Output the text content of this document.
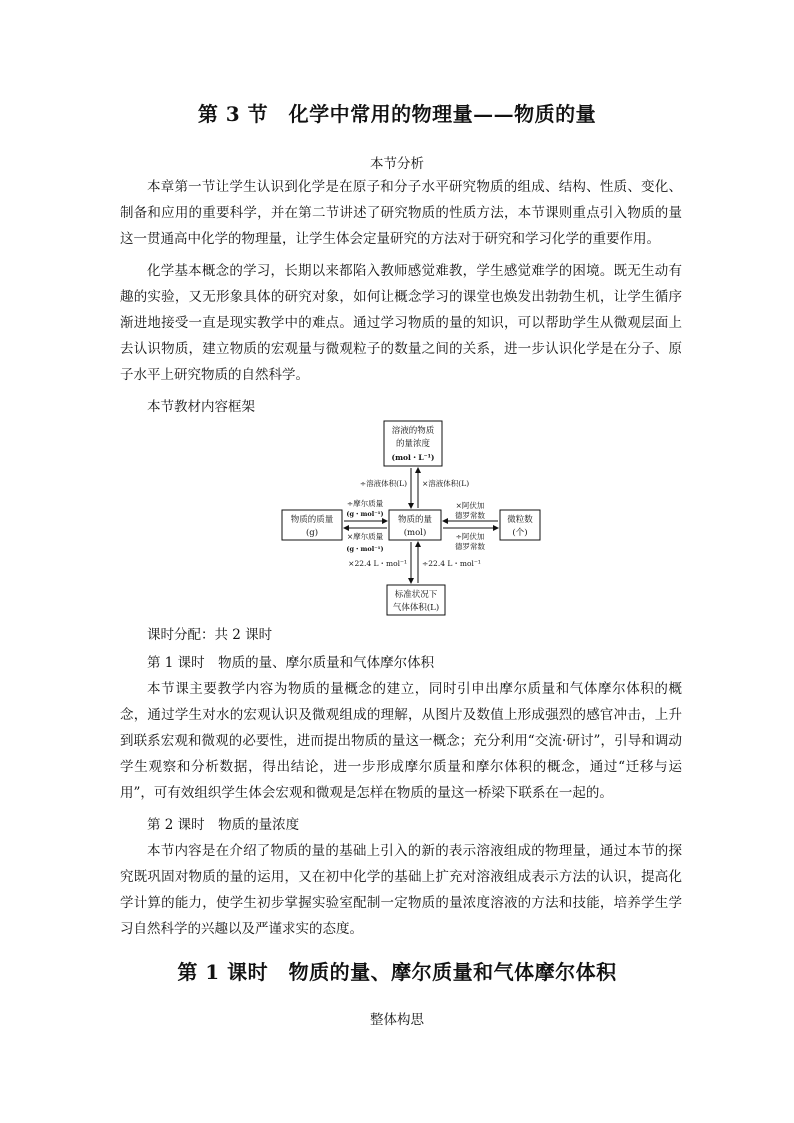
第 3 节　化学中常用的物理量——物质的量
本节分析

本章第一节让学生认识到化学是在原子和分子水平研究物质的组成、结构、性质、变化、制备和应用的重要科学，并在第二节讲述了研究物质的性质方法，本节课则重点引入物质的量这一贯通高中化学的物理量，让学生体会定量研究的方法对于研究和学习化学的重要作用。

化学基本概念的学习，长期以来都陷入教师感觉难教，学生感觉难学的困境。既无生动有趣的实验，又无形象具体的研究对象，如何让概念学习的课堂也焕发出勃勃生机，让学生循序渐进地接受一直是现实教学中的难点。通过学习物质的量的知识，可以帮助学生从微观层面上去认识物质，建立物质的宏观量与微观粒子的数量之间的关系，进一步认识化学是在分子、原子水平上研究物质的自然科学。

本节教材内容框架
溶液的物质
的量浓度
(mol・L⁻¹)
物质的质量
(g)
物质的量
(mol)
微粒数
(个)
标准状况下
气体体积(L)
÷溶液体积(L) ×溶液体积(L)
÷摩尔质量
(g・mol⁻¹)
×摩尔质量
(g・mol⁻¹)
×阿伏加
德罗常数
÷阿伏加
德罗常数
×22.4 L・mol⁻¹ ÷22.4 L・mol⁻¹
课时分配：共 2 课时
第 1 课时　物质的量、摩尔质量和气体摩尔体积

本节课主要教学内容为物质的量概念的建立，同时引申出摩尔质量和气体摩尔体积的概念，通过学生对水的宏观认识及微观组成的理解，从图片及数值上形成强烈的感官冲击，上升到联系宏观和微观的必要性，进而提出物质的量这一概念；充分利用“交流·研讨”，引导和调动学生观察和分析数据，得出结论，进一步形成摩尔质量和摩尔体积的概念，通过“迁移与运用”，可有效组织学生体会宏观和微观是怎样在物质的量这一桥梁下联系在一起的。

第 2 课时　物质的量浓度

本节内容是在介绍了物质的量的基础上引入的新的表示溶液组成的物理量，通过本节的探究既巩固对物质的量的运用，又在初中化学的基础上扩充对溶液组成表示方法的认识，提高化学计算的能力，使学生初步掌握实验室配制一定物质的量浓度溶液的方法和技能，培养学生学习自然科学的兴趣以及严谨求实的态度。

第 1 课时　物质的量、摩尔质量和气体摩尔体积
整体构思
